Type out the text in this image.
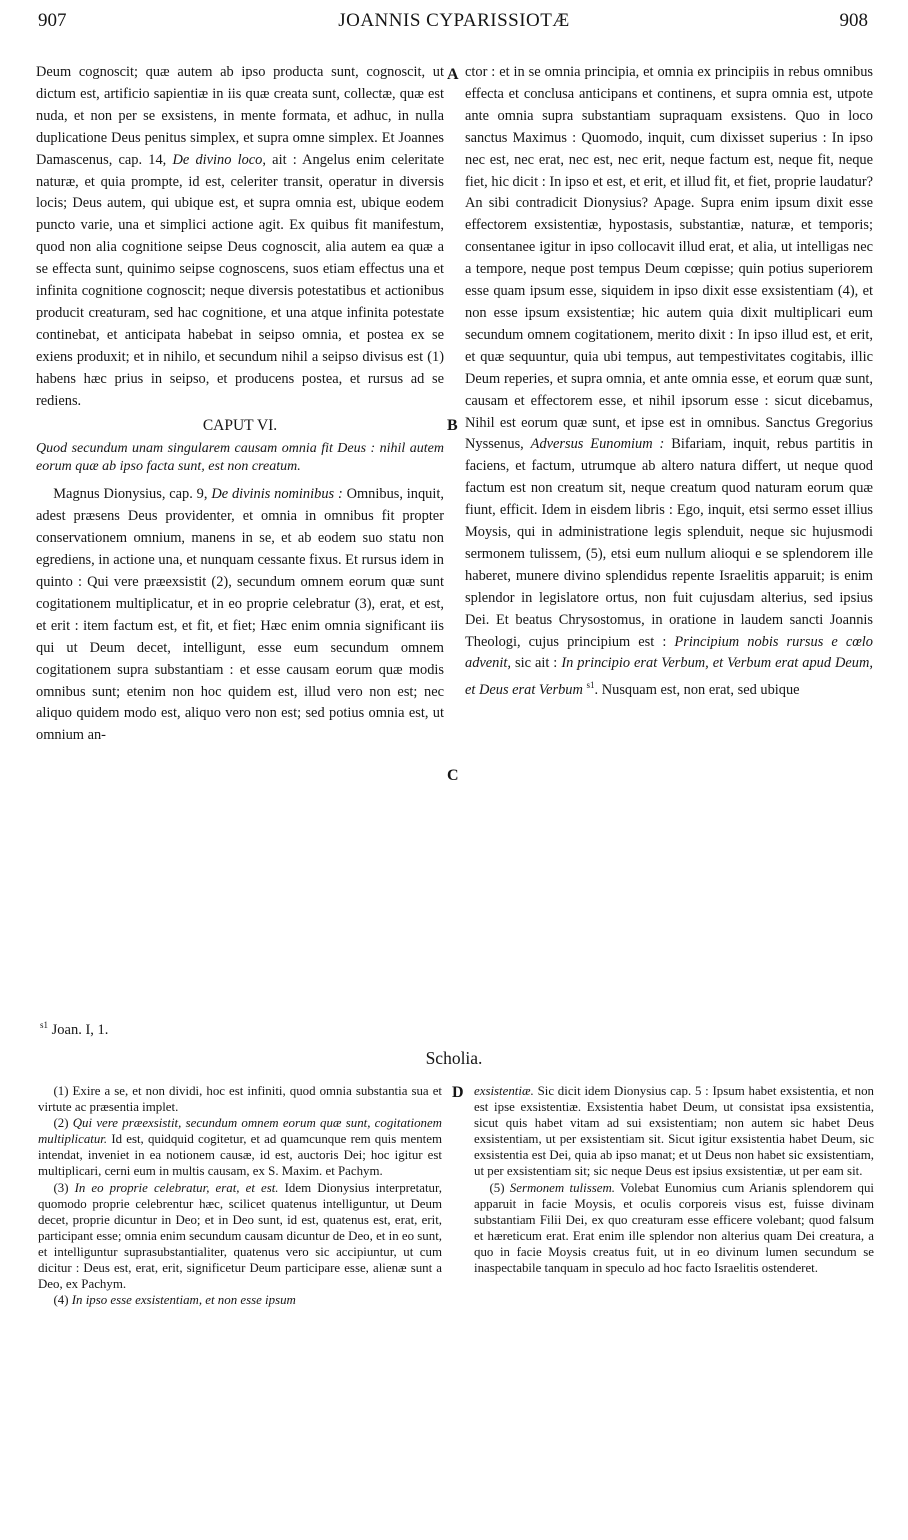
907	JOANNIS CYPARISSIOTÆ	908
A
B
C
D

Deum cognoscit; quæ autem ab ipso producta sunt, cognoscit, ut dictum est, artificio sapientiæ in iis quæ creata sunt, collectæ, quæ est nuda, et non per se exsistens, in mente formata, et adhuc, in nulla duplicatione Deus penitus simplex, et supra omne simplex. Et Joannes Damascenus, cap. 14, De divino loco, ait : Angelus enim celeritate naturæ, et quia prompte, id est, celeriter transit, operatur in diversis locis; Deus autem, qui ubique est, et supra omnia est, ubique eodem puncto varie, una et simplici actione agit. Ex quibus fit manifestum, quod non alia cognitione seipse Deus cognoscit, alia autem ea quæ a se effecta sunt, quinimo seipse cognoscens, suos etiam effectus una et infinita cognitione cognoscit; neque diversis potestatibus et actionibus producit creaturam, sed hac cognitione, et una atque infinita potestate continebat, et anticipata habebat in seipso omnia, et postea ex se exiens produxit; et in nihilo, et secundum nihil a seipso divisus est (1) habens hæc prius in seipso, et producens postea, et rursus ad se rediens.

CAPUT VI.
Quod secundum unam singularem causam omnia fit Deus : nihil autem eorum quæ ab ipso facta sunt, est non creatum.

Magnus Dionysius, cap. 9, De divinis nominibus : Omnibus, inquit, adest præsens Deus providenter, et omnia in omnibus fit propter conservationem omnium, manens in se, et ab eodem suo statu non egrediens, in actione una, et nunquam cessante fixus. Et rursus idem in quinto : Qui vere præexsistit (2), secundum omnem eorum quæ sunt cogitationem multiplicatur, et in eo proprie celebratur (3), erat, et est, et erit : item factum est, et fit, et fiet; Hæc enim omnia significant iis qui ut Deum decet, intelligunt, esse eum secundum omnem cogitationem supra substantiam : et esse causam eorum quæ modis omnibus sunt; etenim non hoc quidem est, illud vero non est; nec aliquo quidem modo est, aliquo vero non est; sed potius omnia est, ut omnium an-

ctor : et in se omnia principia, et omnia ex principiis in rebus omnibus effecta et conclusa anticipans et continens, et supra omnia est, utpote ante omnia supra substantiam supraquam exsistens. Quo in loco sanctus Maximus : Quomodo, inquit, cum dixisset superius : In ipso nec est, nec erat, nec est, nec erit, neque factum est, neque fit, neque fiet, hic dicit : In ipso et est, et erit, et illud fit, et fiet, proprie laudatur? An sibi contradicit Dionysius? Apage. Supra enim ipsum dixit esse effectorem exsistentiæ, hypostasis, substantiæ, naturæ, et temporis; consentanee igitur in ipso collocavit illud erat, et alia, ut intelligas nec a tempore, neque post tempus Deum cœpisse; quin potius superiorem esse quam ipsum esse, siquidem in ipso dixit esse exsistentiam (4), et non esse ipsum exsistentiæ; hic autem quia dixit multiplicari eum secundum omnem cogitationem, merito dixit : In ipso illud est, et erit, et quæ sequuntur, quia ubi tempus, aut tempestivitates cogitabis, illic Deum reperies, et supra omnia, et ante omnia esse, et eorum quæ sunt, causam et effectorem esse, et nihil ipsorum esse : sicut dicebamus, Nihil est eorum quæ sunt, et ipse est in omnibus. Sanctus Gregorius Nyssenus, Adversus Eunomium : Bifariam, inquit, rebus partitis in faciens, et factum, utrumque ab altero natura differt, ut neque quod factum est non creatum sit, neque creatum quod naturam eorum quæ fiunt, efficit. Idem in eisdem libris : Ego, inquit, etsi sermo esset illius Moysis, qui in administratione legis splenduit, neque sic hujusmodi sermonem tulissem, (5), etsi eum nullum alioqui e se splendorem ille haberet, munere divino splendidus repente Israelitis apparuit; is enim splendor in legislatore ortus, non fuit cujusdam alterius, sed ipsius Dei. Et beatus Chrysostomus, in oratione in laudem sancti Joannis Theologi, cujus principium est : Principium nobis rursus e cœlo advenit, sic ait : In principio erat Verbum, et Verbum erat apud Deum, et Deus erat Verbum $^{s1}$. Nusquam est, non erat, sed ubique

$^{s1}$ Joan. I, 1.
Scholia.

(1) Exire a se, et non dividi, hoc est infiniti, quod omnia substantia sua et virtute ac præsentia implet.

(2) Qui vere præexsistit, secundum omnem eorum quæ sunt, cogitationem multiplicatur. Id est, quidquid cogitetur, et ad quamcunque rem quis mentem intendat, inveniet in ea notionem causæ, id est, auctoris Dei; hoc igitur est multiplicari, cerni eum in multis causam, ex S. Maxim. et Pachym.

(3) In eo proprie celebratur, erat, et est. Idem Dionysius interpretatur, quomodo proprie celebrentur hæc, scilicet quatenus intelliguntur, ut Deum decet, proprie dicuntur in Deo; et in Deo sunt, id est, quatenus est, erat, erit, participant esse; omnia enim secundum causam dicuntur de Deo, et in eo sunt, et intelliguntur suprasubstantialiter, quatenus vero sic accipiuntur, ut cum dicitur : Deus est, erat, erit, significetur Deum participare esse, alienæ sunt a Deo, ex Pachym.

(4) In ipso esse exsistentiam, et non esse ipsum

exsistentiæ. Sic dicit idem Dionysius cap. 5 : Ipsum habet exsistentia, et non est ipse exsistentiæ. Exsistentia habet Deum, ut consistat ipsa exsistentia, sicut quis habet vitam ad sui exsistentiam; non autem sic habet Deus exsistentiam, ut per exsistentiam sit. Sicut igitur exsistentia habet Deum, sic exsistentia est Dei, quia ab ipso manat; et ut Deus non habet sic exsistentiam, ut per exsistentiam sit; sic neque Deus est ipsius exsistentiæ, ut per eam sit.

(5) Sermonem tulissem. Volebat Eunomius cum Arianis splendorem qui apparuit in facie Moysis, et oculis corporeis visus est, fuisse divinam substantiam Filii Dei, ex quo creaturam esse efficere volebant; quod falsum et hæreticum erat. Erat enim ille splendor non alterius quam Dei creatura, a quo in facie Moysis creatus fuit, ut in eo divinum lumen secundum se inaspectabile tanquam in speculo ad hoc facto Israelitis ostenderet.
